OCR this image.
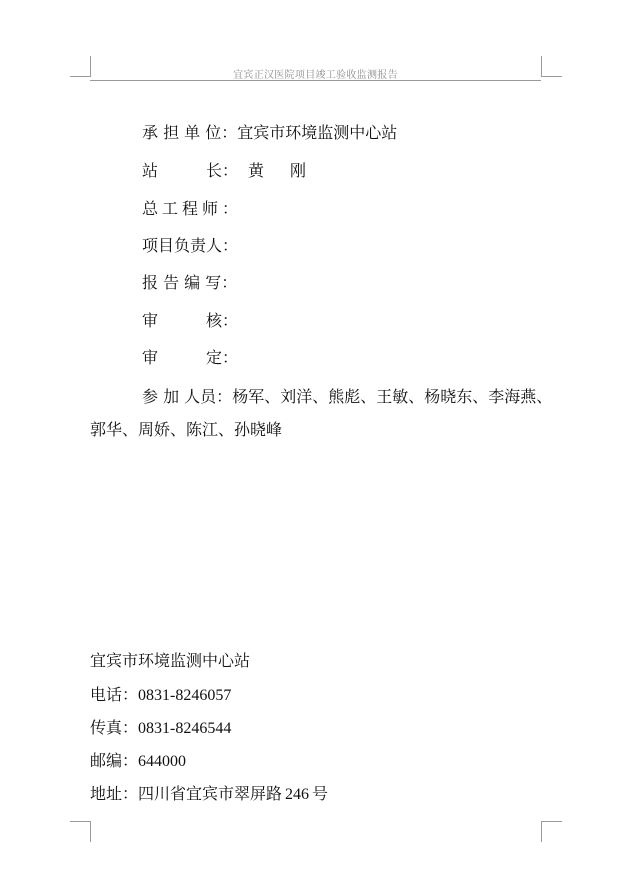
宜宾正汉医院项目竣工验收监测报告
承 担 单 位：宜宾市环境监测中心站
站	长： 黄 刚
总工程师：
项目负责人：
报 告 编 写：
审	核：
审	定：
参 加 人员：杨军、刘洋、熊彪、王敏、杨晓东、李海燕、
郭华、周娇、陈江、孙晓峰
宜宾市环境监测中心站
电话：0831-8246057
传真：0831-8246544
邮编：644000
地址：四川省宜宾市翠屏路 246 号
